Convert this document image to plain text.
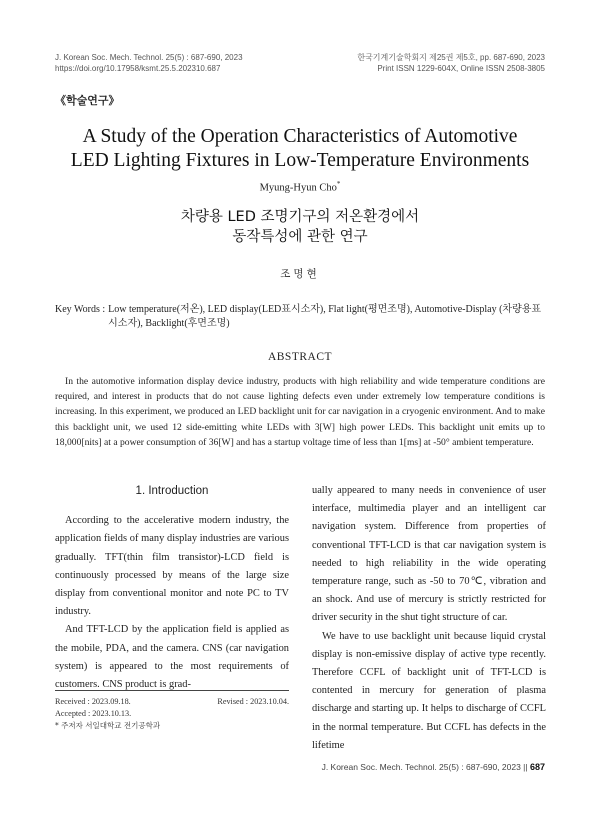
J. Korean Soc. Mech. Technol. 25(5) : 687-690, 2023
https://doi.org/10.17958/ksmt.25.5.202310.687
한국기계기술학회지 제25권 제5호, pp. 687-690, 2023
Print ISSN 1229-604X, Online ISSN 2508-3805
《학술연구》
A Study of the Operation Characteristics of Automotive
LED Lighting Fixtures in Low-Temperature Environments
Myung-Hyun Cho*
차량용 LED 조명기구의 저온환경에서
동작특성에 관한 연구
조명현
Key Words : Low temperature(저온), LED display(LED표시소자), Flat light(평면조명), Automotive-Display (차량용표시소자), Backlight(후면조명)
ABSTRACT
In the automotive information display device industry, products with high reliability and wide temperature conditions are required, and interest in products that do not cause lighting defects even under extremely low temperature conditions is increasing. In this experiment, we produced an LED backlight unit for car navigation in a cryogenic environment. And to make this backlight unit, we used 12 side-emitting white LEDs with 3[W] high power LEDs. This backlight unit emits up to 18,000[nits] at a power consumption of 36[W] and has a startup voltage time of less than 1[ms] at -50° ambient temperature.
1. Introduction

According to the accelerative modern industry, the application fields of many display industries are various gradually. TFT(thin film transistor)-LCD field is continuously processed by means of the large size display from conventional monitor and note PC to TV industry.

And TFT-LCD by the application field is applied as the mobile, PDA, and the camera. CNS (car navigation system) is appeared to the most requirements of customers. CNS product is grad-

ually appeared to many needs in convenience of user interface, multimedia player and an intelligent car navigation system. Difference from properties of conventional TFT-LCD is that car navigation system is needed to high reliability in the wide operating temperature range, such as -50 to 70℃, vibration and an shock. And use of mercury is strictly restricted for driver security in the shut tight structure of car.

We have to use backlight unit because liquid crystal display is non-emissive display of active type recently. Therefore CCFL of backlight unit of TFT-LCD is contented in mercury for generation of plasma discharge and starting up. It helps to discharge of CCFL in the normal temperature. But CCFL has defects in the lifetime

Received : 2023.09.18.	Revised : 2023.10.04.
Accepted : 2023.10.13.
* 주저자 서일대학교 전기공학과
J. Korean Soc. Mech. Technol. 25(5) : 687-690, 2023 || 687
